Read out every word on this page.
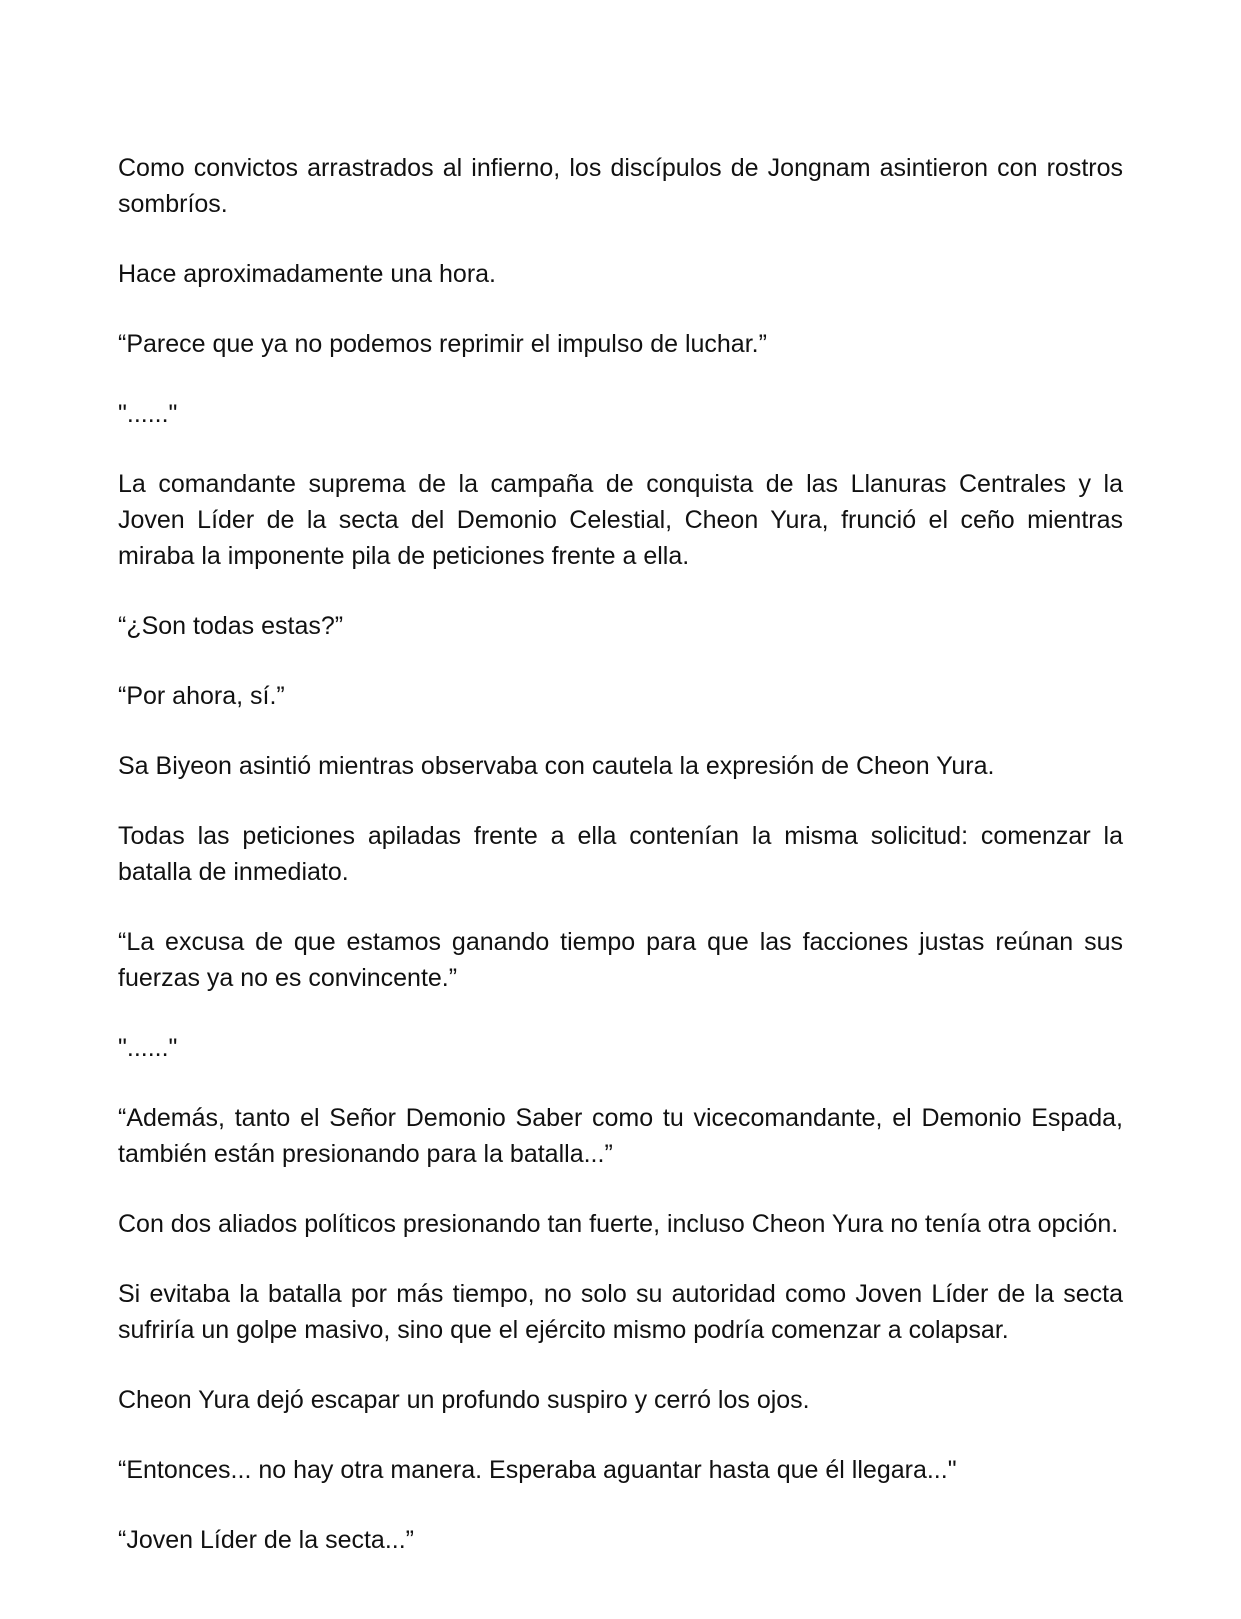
Como convictos arrastrados al infierno, los discípulos de Jongnam asintieron con rostros sombríos.

Hace aproximadamente una hora.

“Parece que ya no podemos reprimir el impulso de luchar.”

"......"

La comandante suprema de la campaña de conquista de las Llanuras Centrales y la Joven Líder de la secta del Demonio Celestial, Cheon Yura, frunció el ceño mientras miraba la imponente pila de peticiones frente a ella.

“¿Son todas estas?”

“Por ahora, sí.”

Sa Biyeon asintió mientras observaba con cautela la expresión de Cheon Yura.

Todas las peticiones apiladas frente a ella contenían la misma solicitud: comenzar la batalla de inmediato.

“La excusa de que estamos ganando tiempo para que las facciones justas reúnan sus fuerzas ya no es convincente.”

"......"

“Además, tanto el Señor Demonio Saber como tu vicecomandante, el Demonio Espada, también están presionando para la batalla...”

Con dos aliados políticos presionando tan fuerte, incluso Cheon Yura no tenía otra opción.

Si evitaba la batalla por más tiempo, no solo su autoridad como Joven Líder de la secta sufriría un golpe masivo, sino que el ejército mismo podría comenzar a colapsar.

Cheon Yura dejó escapar un profundo suspiro y cerró los ojos.

“Entonces... no hay otra manera. Esperaba aguantar hasta que él llegara..."

“Joven Líder de la secta...”
